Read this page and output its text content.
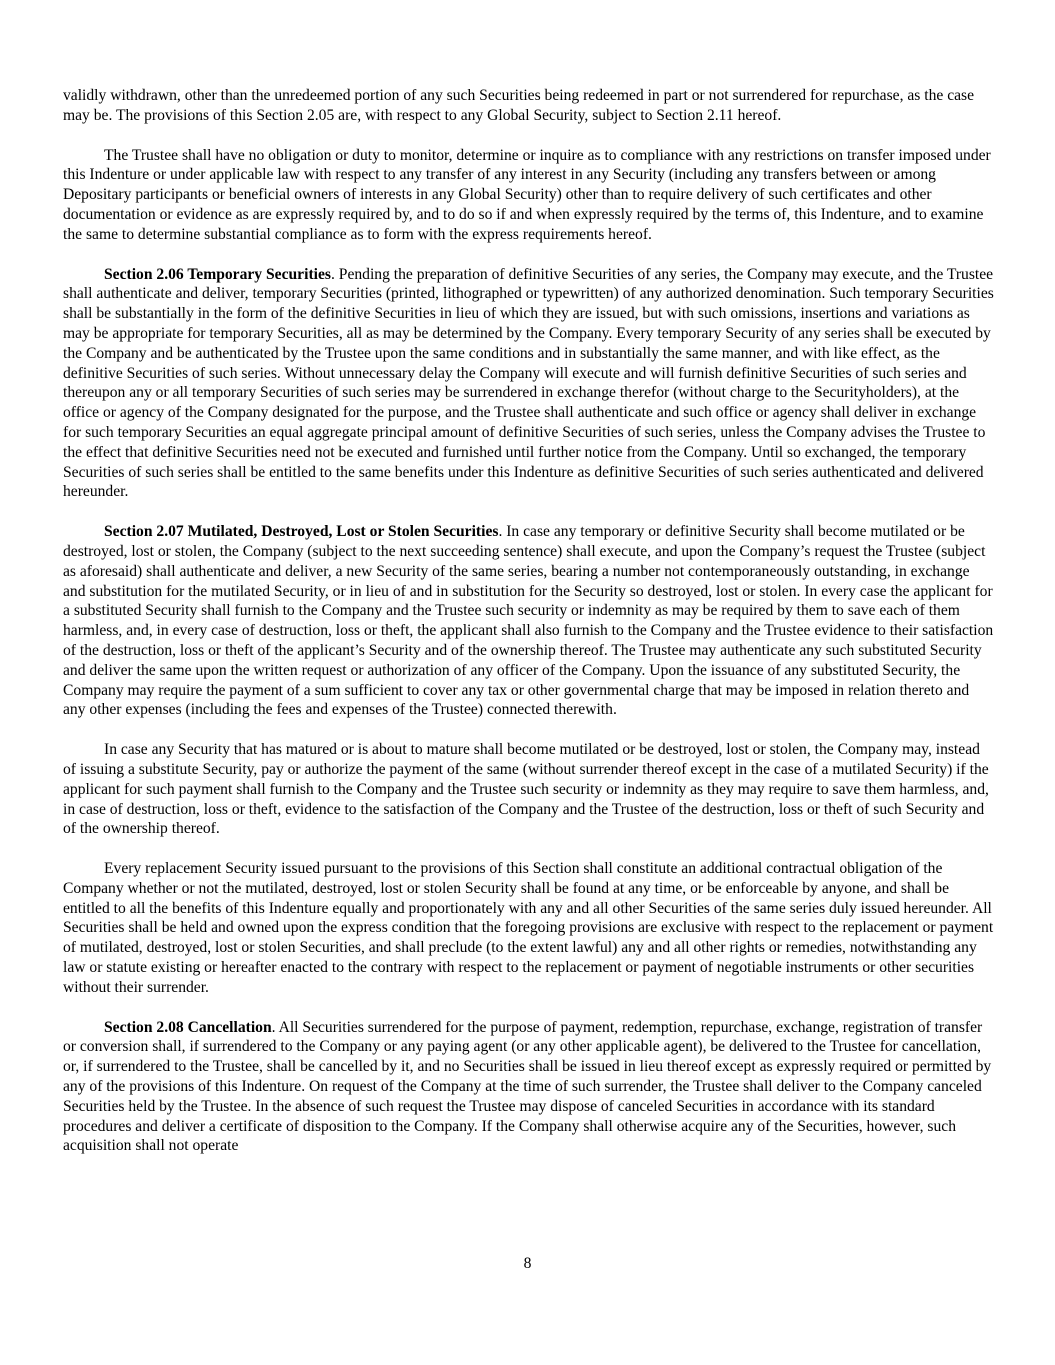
validly withdrawn, other than the unredeemed portion of any such Securities being redeemed in part or not surrendered for repurchase, as the case may be. The provisions of this Section 2.05 are, with respect to any Global Security, subject to Section 2.11 hereof.

The Trustee shall have no obligation or duty to monitor, determine or inquire as to compliance with any restrictions on transfer imposed under this Indenture or under applicable law with respect to any transfer of any interest in any Security (including any transfers between or among Depositary participants or beneficial owners of interests in any Global Security) other than to require delivery of such certificates and other documentation or evidence as are expressly required by, and to do so if and when expressly required by the terms of, this Indenture, and to examine the same to determine substantial compliance as to form with the express requirements hereof.

Section 2.06 Temporary Securities. Pending the preparation of definitive Securities of any series, the Company may execute, and the Trustee shall authenticate and deliver, temporary Securities (printed, lithographed or typewritten) of any authorized denomination. Such temporary Securities shall be substantially in the form of the definitive Securities in lieu of which they are issued, but with such omissions, insertions and variations as may be appropriate for temporary Securities, all as may be determined by the Company. Every temporary Security of any series shall be executed by the Company and be authenticated by the Trustee upon the same conditions and in substantially the same manner, and with like effect, as the definitive Securities of such series. Without unnecessary delay the Company will execute and will furnish definitive Securities of such series and thereupon any or all temporary Securities of such series may be surrendered in exchange therefor (without charge to the Securityholders), at the office or agency of the Company designated for the purpose, and the Trustee shall authenticate and such office or agency shall deliver in exchange for such temporary Securities an equal aggregate principal amount of definitive Securities of such series, unless the Company advises the Trustee to the effect that definitive Securities need not be executed and furnished until further notice from the Company. Until so exchanged, the temporary Securities of such series shall be entitled to the same benefits under this Indenture as definitive Securities of such series authenticated and delivered hereunder.

Section 2.07 Mutilated, Destroyed, Lost or Stolen Securities. In case any temporary or definitive Security shall become mutilated or be destroyed, lost or stolen, the Company (subject to the next succeeding sentence) shall execute, and upon the Company’s request the Trustee (subject as aforesaid) shall authenticate and deliver, a new Security of the same series, bearing a number not contemporaneously outstanding, in exchange and substitution for the mutilated Security, or in lieu of and in substitution for the Security so destroyed, lost or stolen. In every case the applicant for a substituted Security shall furnish to the Company and the Trustee such security or indemnity as may be required by them to save each of them harmless, and, in every case of destruction, loss or theft, the applicant shall also furnish to the Company and the Trustee evidence to their satisfaction of the destruction, loss or theft of the applicant’s Security and of the ownership thereof. The Trustee may authenticate any such substituted Security and deliver the same upon the written request or authorization of any officer of the Company. Upon the issuance of any substituted Security, the Company may require the payment of a sum sufficient to cover any tax or other governmental charge that may be imposed in relation thereto and any other expenses (including the fees and expenses of the Trustee) connected therewith.

In case any Security that has matured or is about to mature shall become mutilated or be destroyed, lost or stolen, the Company may, instead of issuing a substitute Security, pay or authorize the payment of the same (without surrender thereof except in the case of a mutilated Security) if the applicant for such payment shall furnish to the Company and the Trustee such security or indemnity as they may require to save them harmless, and, in case of destruction, loss or theft, evidence to the satisfaction of the Company and the Trustee of the destruction, loss or theft of such Security and of the ownership thereof.

Every replacement Security issued pursuant to the provisions of this Section shall constitute an additional contractual obligation of the Company whether or not the mutilated, destroyed, lost or stolen Security shall be found at any time, or be enforceable by anyone, and shall be entitled to all the benefits of this Indenture equally and proportionately with any and all other Securities of the same series duly issued hereunder. All Securities shall be held and owned upon the express condition that the foregoing provisions are exclusive with respect to the replacement or payment of mutilated, destroyed, lost or stolen Securities, and shall preclude (to the extent lawful) any and all other rights or remedies, notwithstanding any law or statute existing or hereafter enacted to the contrary with respect to the replacement or payment of negotiable instruments or other securities without their surrender.

Section 2.08 Cancellation. All Securities surrendered for the purpose of payment, redemption, repurchase, exchange, registration of transfer or conversion shall, if surrendered to the Company or any paying agent (or any other applicable agent), be delivered to the Trustee for cancellation, or, if surrendered to the Trustee, shall be cancelled by it, and no Securities shall be issued in lieu thereof except as expressly required or permitted by any of the provisions of this Indenture. On request of the Company at the time of such surrender, the Trustee shall deliver to the Company canceled Securities held by the Trustee. In the absence of such request the Trustee may dispose of canceled Securities in accordance with its standard procedures and deliver a certificate of disposition to the Company. If the Company shall otherwise acquire any of the Securities, however, such acquisition shall not operate

8
